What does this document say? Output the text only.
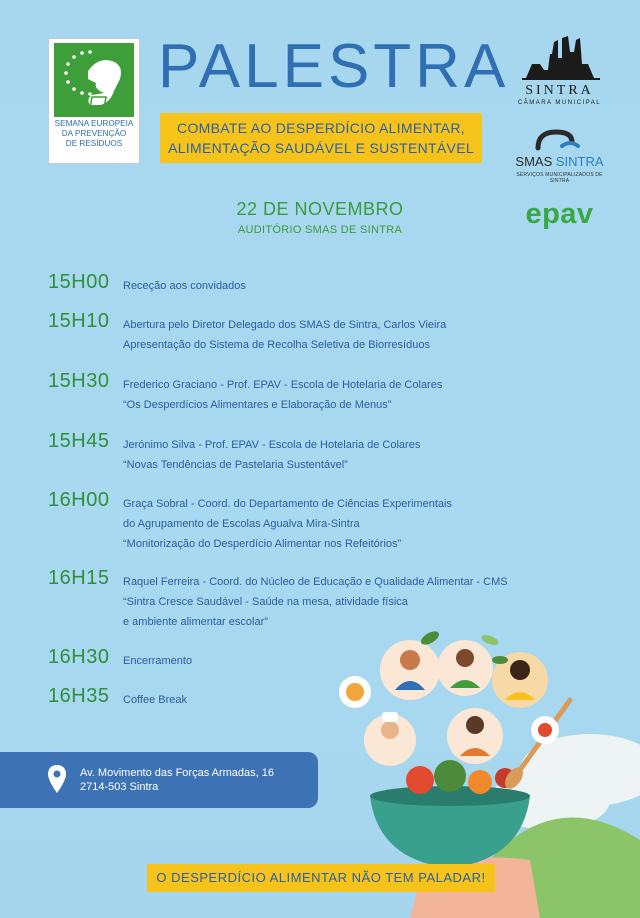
SEMANA EUROPEIA
DA PREVENÇÃO
DE RESÍDUOS
PALESTRA
COMBATE AO DESPERDÍCIO ALIMENTAR,
ALIMENTAÇÃO SAUDÁVEL E SUSTENTÁVEL
22 DE NOVEMBRO
AUDITÓRIO SMAS DE SINTRA
SINTRA
CÂMARA MUNICIPAL
SMAS SINTRA
SERVIÇOS MUNICIPALIZADOS DE SINTRA
epav
15H00 Receção aos convidados
15H10 Abertura pelo Diretor Delegado dos SMAS de Sintra, Carlos Vieira
Apresentação do Sistema de Recolha Seletiva de Biorresíduos
15H30 Frederico Graciano - Prof. EPAV - Escola de Hotelaria de Colares
“Os Desperdícios Alimentares e Elaboração de Menus”
15H45 Jerónimo Silva - Prof. EPAV - Escola de Hotelaria de Colares
“Novas Tendências de Pastelaria Sustentável”
16H00 Graça Sobral - Coord. do Departamento de Ciências Experimentais
do Agrupamento de Escolas Agualva Mira-Sintra
“Monitorização do Desperdício Alimentar nos Refeitórios”
16H15 Raquel Ferreira - Coord. do Núcleo de Educação e Qualidade Alimentar - CMS
“Sintra Cresce Saudável - Saúde na mesa, atividade física
e ambiente alimentar escolar”
16H30 Encerramento
16H35 Coffee Break
Av. Movimento das Forças Armadas, 16
2714-503 Sintra
O DESPERDÍCIO ALIMENTAR NÃO TEM PALADAR!
